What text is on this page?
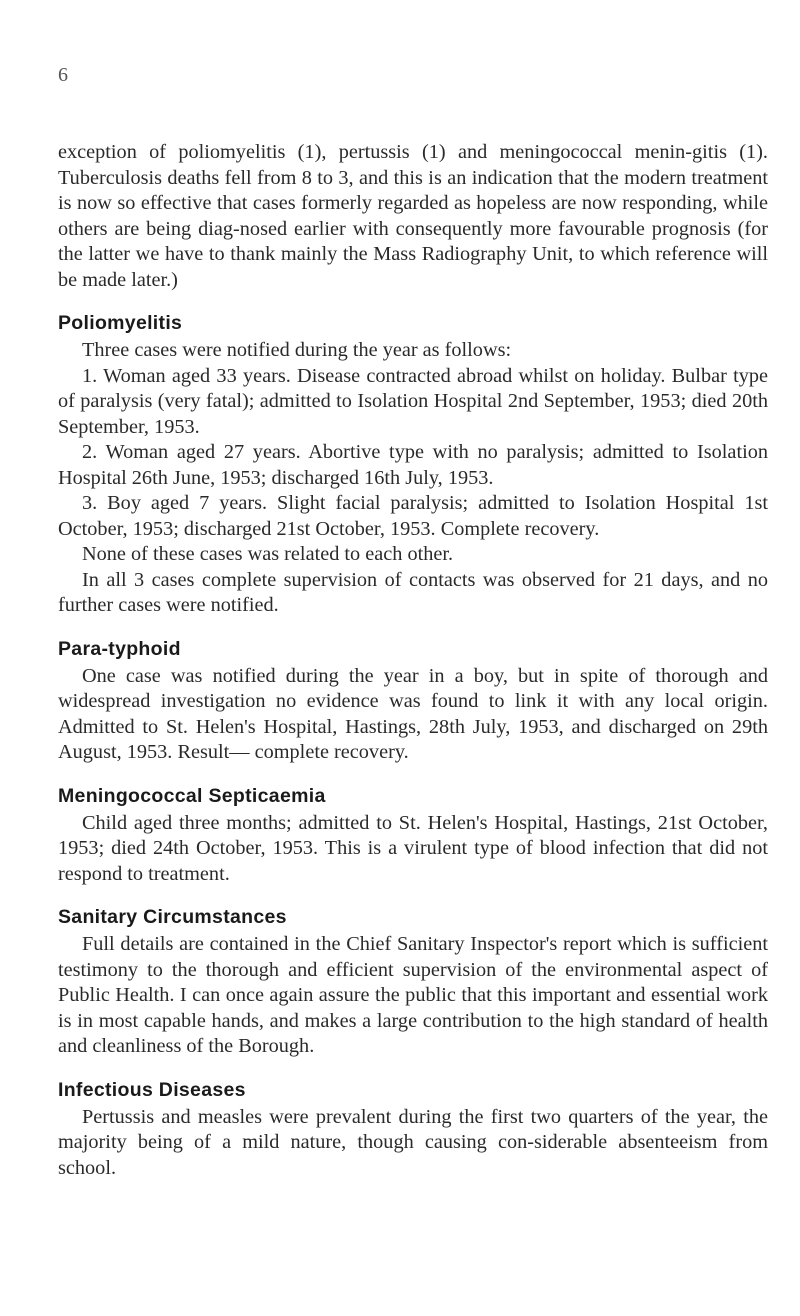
6

exception of poliomyelitis (1), pertussis (1) and meningococcal menin-gitis (1). Tuberculosis deaths fell from 8 to 3, and this is an indication that the modern treatment is now so effective that cases formerly regarded as hopeless are now responding, while others are being diag-nosed earlier with consequently more favourable prognosis (for the latter we have to thank mainly the Mass Radiography Unit, to which reference will be made later.)

Poliomyelitis

Three cases were notified during the year as follows:

1. Woman aged 33 years. Disease contracted abroad whilst on holiday. Bulbar type of paralysis (very fatal); admitted to Isolation Hospital 2nd September, 1953; died 20th September, 1953.

2. Woman aged 27 years. Abortive type with no paralysis; admitted to Isolation Hospital 26th June, 1953; discharged 16th July, 1953.

3. Boy aged 7 years. Slight facial paralysis; admitted to Isolation Hospital 1st October, 1953; discharged 21st October, 1953. Complete recovery.

None of these cases was related to each other.

In all 3 cases complete supervision of contacts was observed for 21 days, and no further cases were notified.

Para-typhoid

One case was notified during the year in a boy, but in spite of thorough and widespread investigation no evidence was found to link it with any local origin. Admitted to St. Helen's Hospital, Hastings, 28th July, 1953, and discharged on 29th August, 1953. Result— complete recovery.

Meningococcal Septicaemia

Child aged three months; admitted to St. Helen's Hospital, Hastings, 21st October, 1953; died 24th October, 1953. This is a virulent type of blood infection that did not respond to treatment.

Sanitary Circumstances

Full details are contained in the Chief Sanitary Inspector's report which is sufficient testimony to the thorough and efficient supervision of the environmental aspect of Public Health. I can once again assure the public that this important and essential work is in most capable hands, and makes a large contribution to the high standard of health and cleanliness of the Borough.

Infectious Diseases

Pertussis and measles were prevalent during the first two quarters of the year, the majority being of a mild nature, though causing con-siderable absenteeism from school.
